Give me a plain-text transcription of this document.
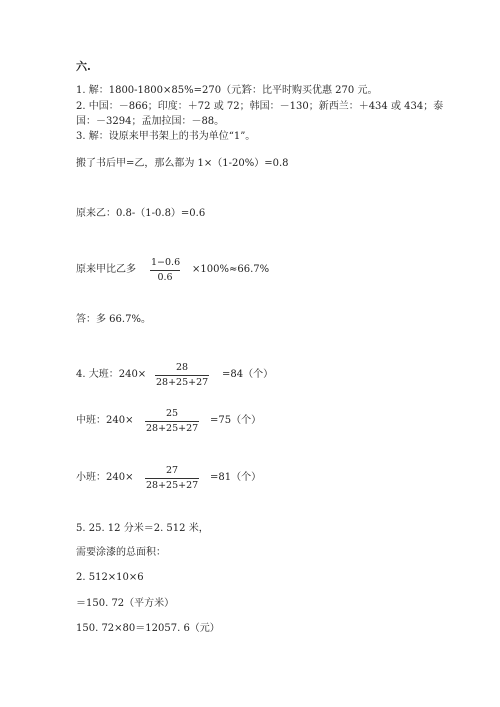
六.
1. 解：1800-1800×85%=270（元）
答：比平时购买优惠 270 元。
2. 中国：－866；印度：＋72 或 72；韩国：－130；新西兰：＋434 或 434；泰
国：－3294；孟加拉国：－88。
3. 解：设原来甲书架上的书为单位“1”。
搬了书后甲=乙，那么都为 1×（1-20%）=0.8
原来乙：0.8-（1-0.8）=0.6
原来甲比乙多
1−0.6
0.6
×100%≈66.7%
答：多 66.7%。
4. 大班：240×
28
28+25+27
=84（个）
中班：240×
25
28+25+27
=75（个）
小班：240×
27
28+25+27
=81（个）
5. 25. 12 分米＝2. 512 米，
需要涂漆的总面积：
2. 512×10×6
＝150. 72（平方米）
150. 72×80＝12057. 6（元）
